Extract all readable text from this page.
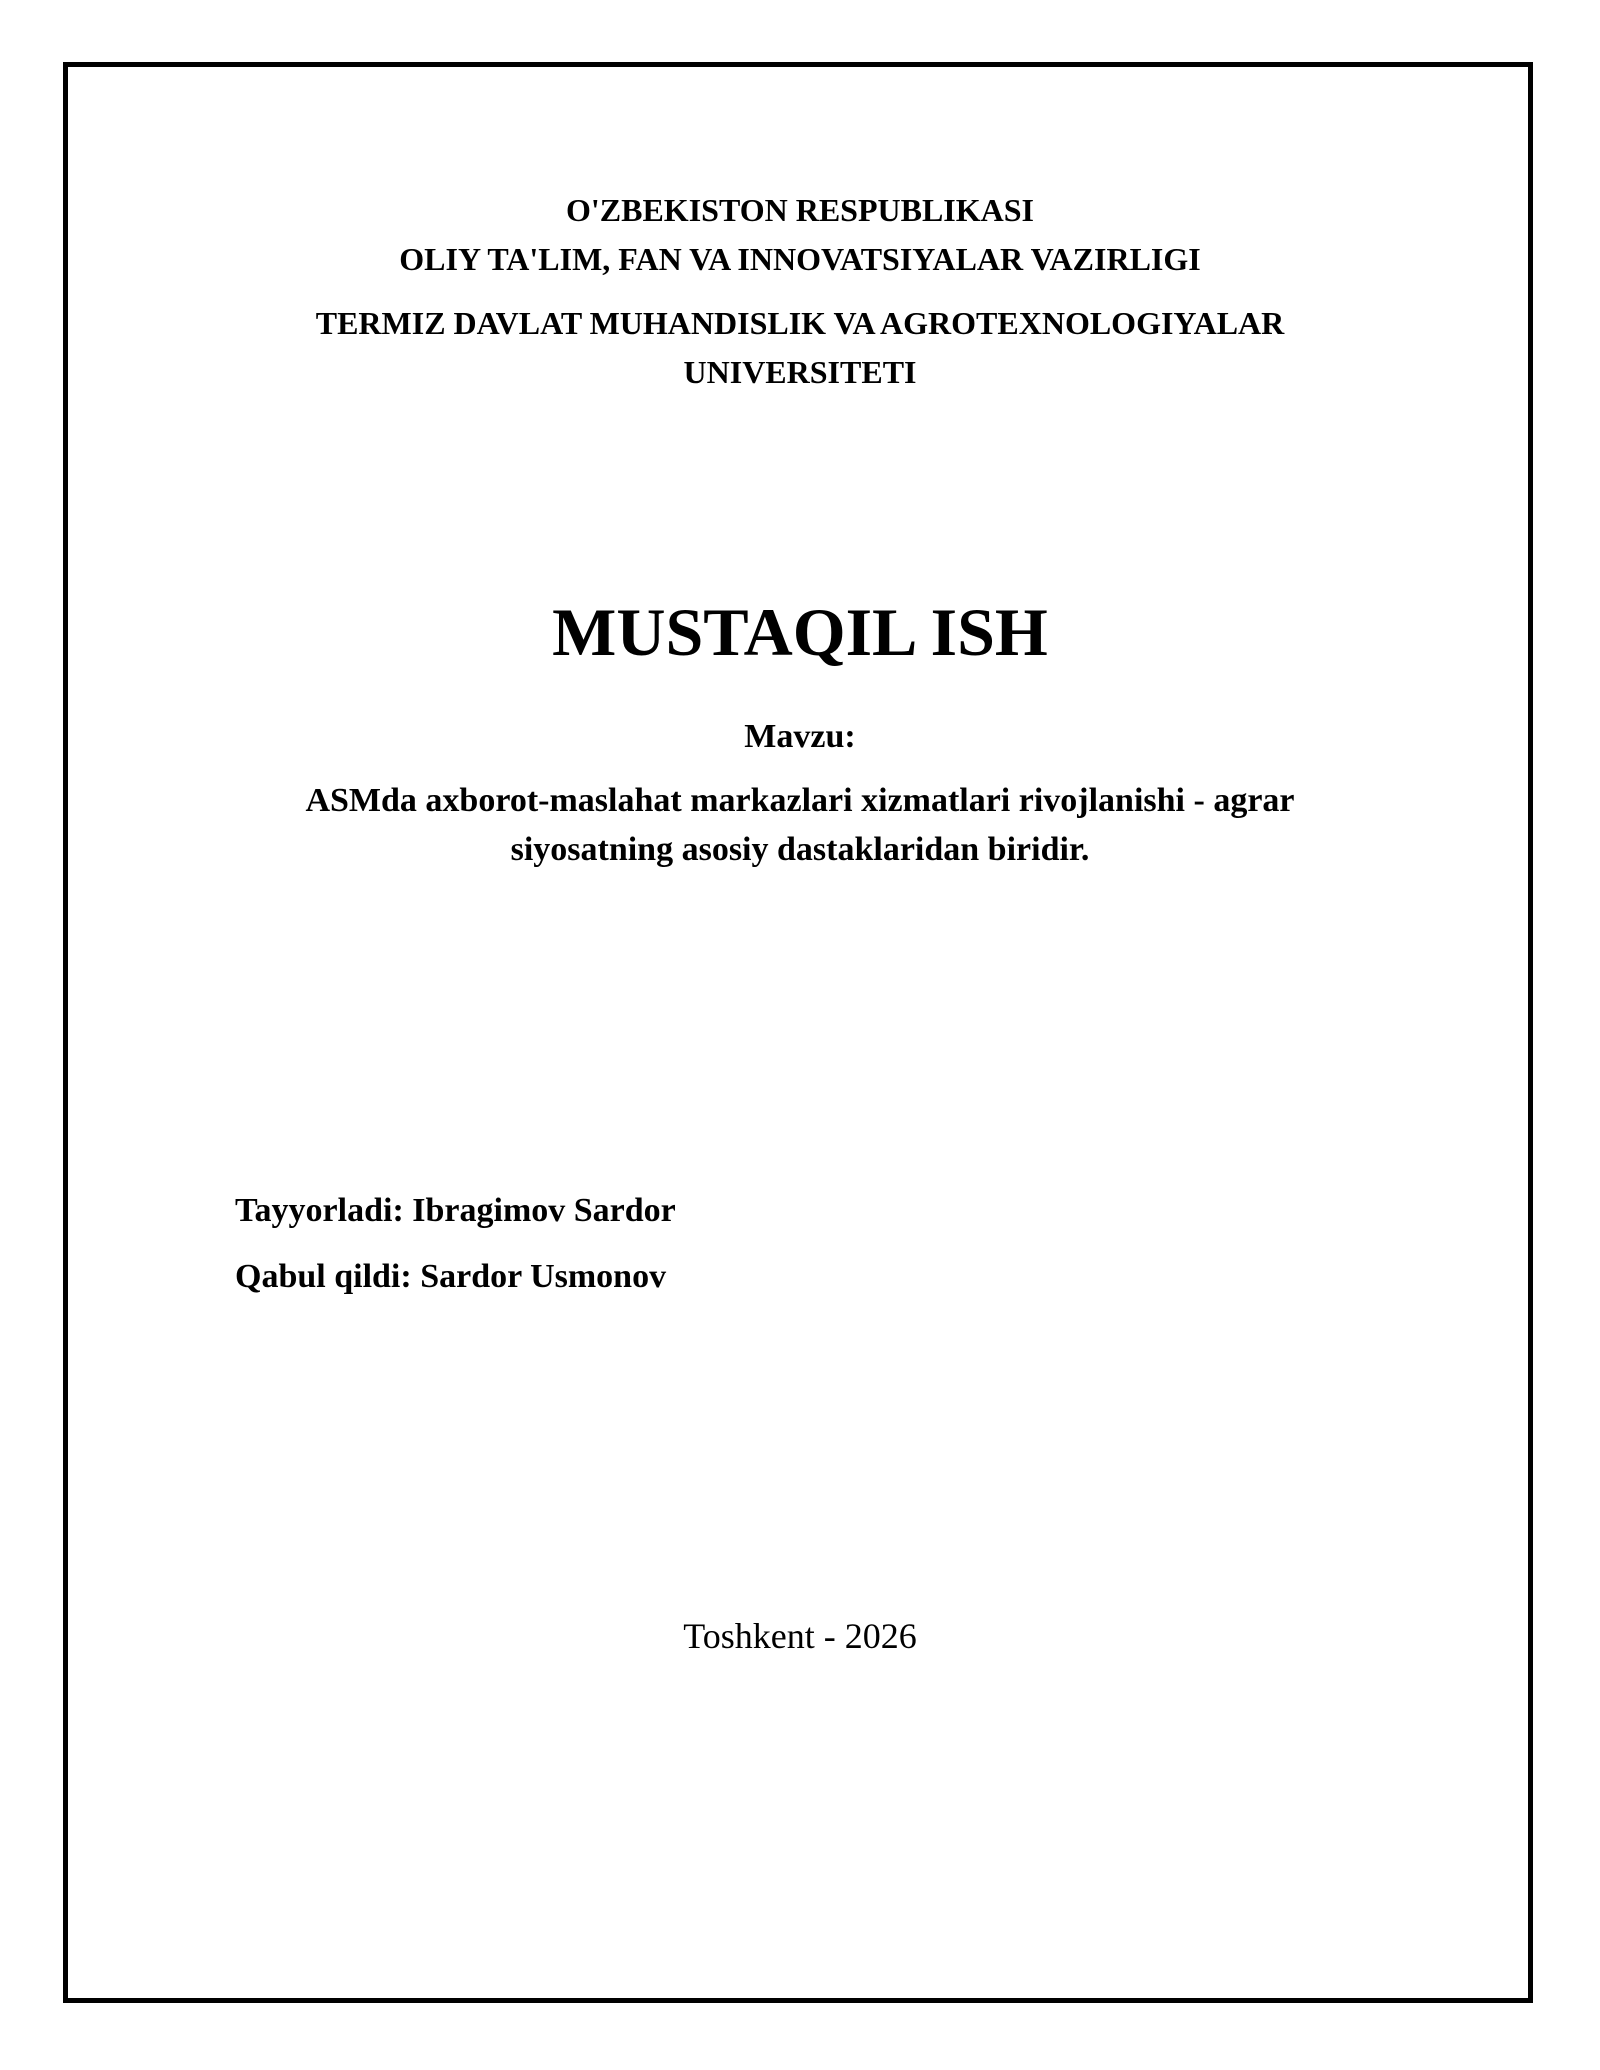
O'ZBEKISTON RESPUBLIKASI
OLIY TA'LIM, FAN VA INNOVATSIYALAR VAZIRLIGI
TERMIZ DAVLAT MUHANDISLIK VA AGROTEXNOLOGIYALAR
UNIVERSITETI
MUSTAQIL ISH
Mavzu:
ASMda axborot-maslahat markazlari xizmatlari rivojlanishi - agrar
siyosatning asosiy dastaklaridan biridir.
Tayyorladi: Ibragimov Sardor
Qabul qildi: Sardor Usmonov
Toshkent - 2026
